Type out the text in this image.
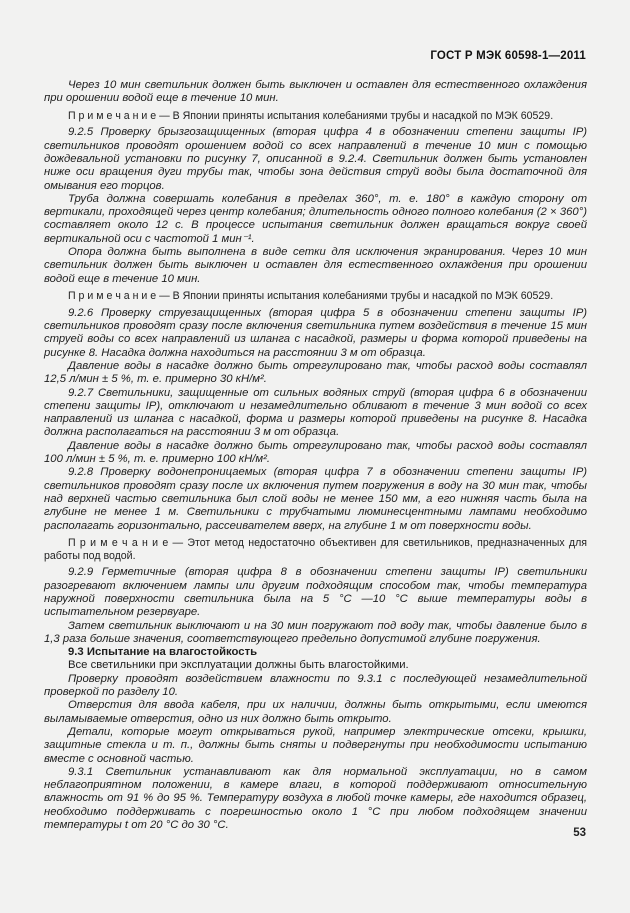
ГОСТ Р МЭК 60598-1—2011

Через 10 мин светильник должен быть выключен и оставлен для естественного охлаждения при орошении водой еще в течение 10 мин.

П р и м е ч а н и е — В Японии приняты испытания колебаниями трубы и насадкой по МЭК 60529.

9.2.5 Проверку брызгозащищенных (вторая цифра 4 в обозначении степени защиты IP) светильников проводят орошением водой со всех направлений в течение 10 мин с помощью дождевальной установки по рисунку 7, описанной в 9.2.4. Светильник должен быть установлен ниже оси вращения дуги трубы так, чтобы зона действия струй воды была достаточной для омывания его торцов.

Труба должна совершать колебания в пределах 360°, т. е. 180° в каждую сторону от вертикали, проходящей через центр колебания; длительность одного полного колебания (2 × 360°) составляет около 12 с. В процессе испытания светильник должен вращаться вокруг своей вертикальной оси с частотой 1 мин⁻¹.

Опора должна быть выполнена в виде сетки для исключения экранирования. Через 10 мин светильник должен быть выключен и оставлен для естественного охлаждения при орошении водой еще в течение 10 мин.

П р и м е ч а н и е — В Японии приняты испытания колебаниями трубы и насадкой по МЭК 60529.

9.2.6 Проверку струезащищенных (вторая цифра 5 в обозначении степени защиты IP) светильников проводят сразу после включения светильника путем воздействия в течение 15 мин струей воды со всех направлений из шланга с насадкой, размеры и форма которой приведены на рисунке 8. Насадка должна находиться на расстоянии 3 м от образца.

Давление воды в насадке должно быть отрегулировано так, чтобы расход воды составлял 12,5 л/мин ± 5 %, т. е. примерно 30 кН/м².

9.2.7 Светильники, защищенные от сильных водяных струй (вторая цифра 6 в обозначении степени защиты IP), отключают и незамедлительно обливают в течение 3 мин водой со всех направлений из шланга с насадкой, форма и размеры которой приведены на рисунке 8. Насадка должна располагаться на расстоянии 3 м от образца.

Давление воды в насадке должно быть отрегулировано так, чтобы расход воды составлял 100 л/мин ± 5 %, т. е. примерно 100 кН/м².

9.2.8 Проверку водонепроницаемых (вторая цифра 7 в обозначении степени защиты IP) светильников проводят сразу после их включения путем погружения в воду на 30 мин так, чтобы над верхней частью светильника был слой воды не менее 150 мм, а его нижняя часть была на глубине не менее 1 м. Светильники с трубчатыми люминесцентными лампами необходимо располагать горизонтально, рассеивателем вверх, на глубине 1 м от поверхности воды.

П р и м е ч а н и е — Этот метод недостаточно объективен для светильников, предназначенных для работы под водой.

9.2.9 Герметичные (вторая цифра 8 в обозначении степени защиты IP) светильники разогревают включением лампы или другим подходящим способом так, чтобы температура наружной поверхности светильника была на 5 °С —10 °С выше температуры воды в испытательном резервуаре.

Затем светильник выключают и на 30 мин погружают под воду так, чтобы давление было в 1,3 раза больше значения, соответствующего предельно допустимой глубине погружения.

9.3 Испытание на влагостойкость

Все светильники при эксплуатации должны быть влагостойкими.

Проверку проводят воздействием влажности по 9.3.1 с последующей незамедлительной проверкой по разделу 10.

Отверстия для ввода кабеля, при их наличии, должны быть открытыми, если имеются выламываемые отверстия, одно из них должно быть открыто.

Детали, которые могут открываться рукой, например электрические отсеки, крышки, защитные стекла и т. п., должны быть сняты и подвергнуты при необходимости испытанию вместе с основной частью.

9.3.1 Светильник устанавливают как для нормальной эксплуатации, но в самом неблагоприятном положении, в камере влаги, в которой поддерживают относительную влажность от 91 % до 95 %. Температуру воздуха в любой точке камеры, где находится образец, необходимо поддерживать с погрешностью около 1 °С при любом подходящем значении температуры t от 20 °С до 30 °С.

53
